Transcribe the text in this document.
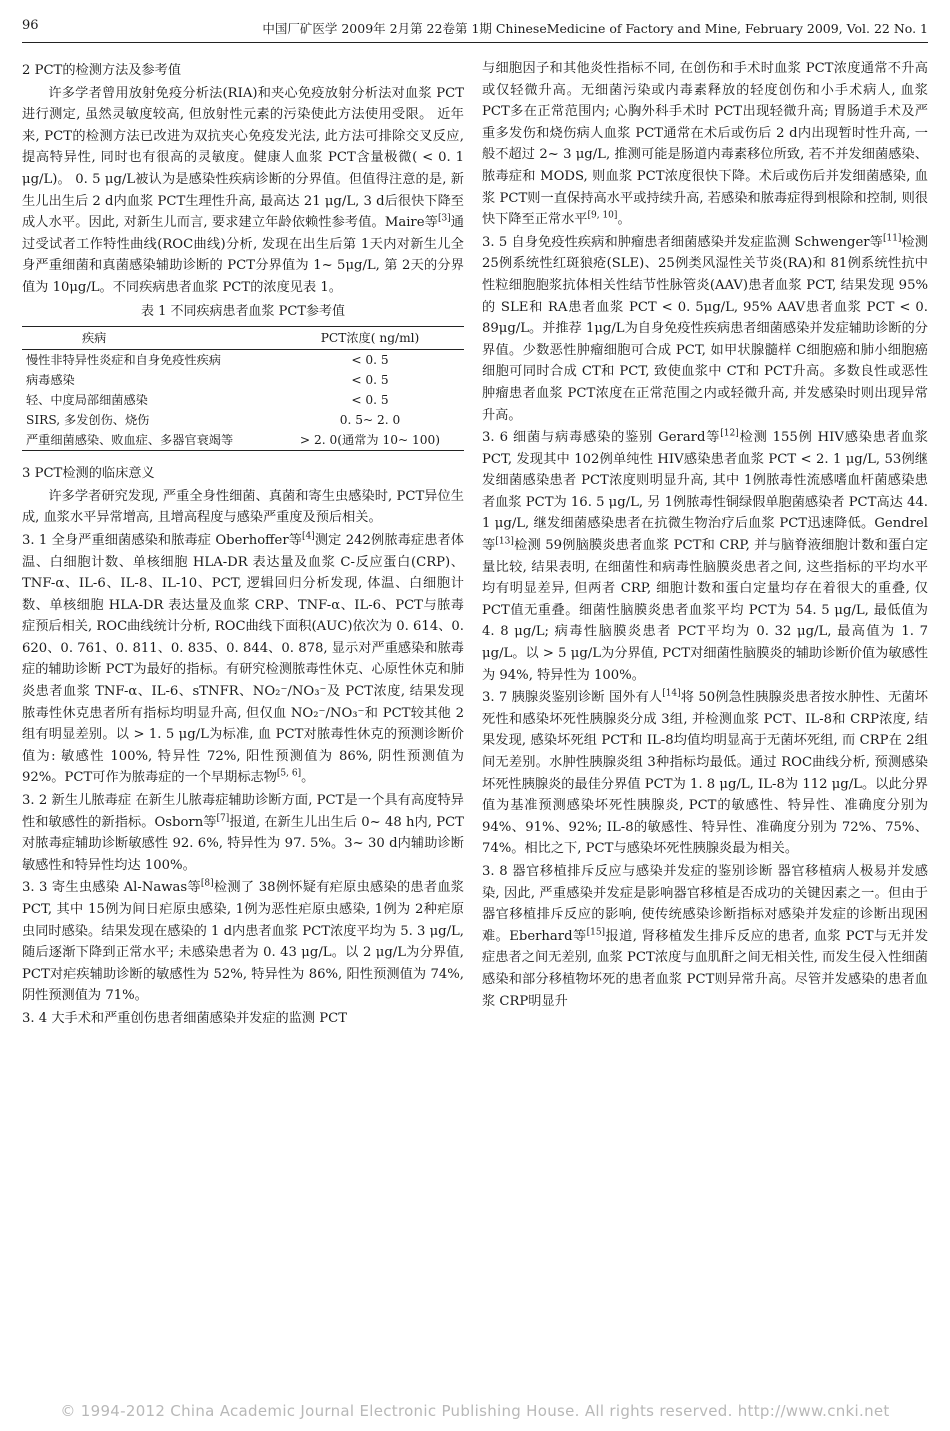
96	中国厂矿医学 2009年 2月第 22卷第 1期 ChineseMedicine of Factory and Mine, February 2009, Vol. 22 No. 1

2 PCT的检测方法及参考值

许多学者曾用放射免疫分析法(RIA)和夹心免疫放射分析法对血浆 PCT进行测定, 虽然灵敏度较高, 但放射性元素的污染使此方法使用受限。 近年来, PCT的检测方法已改进为双抗夹心免疫发光法, 此方法可排除交叉反应, 提高特异性, 同时也有很高的灵敏度。健康人血浆 PCT含量极微( < 0. 1 μg/L)。 0. 5 μg/L被认为是感染性疾病诊断的分界值。但值得注意的是, 新生儿出生后 2 d内血浆 PCT生理性升高, 最高达 21 μg/L, 3 d后很快下降至成人水平。因此, 对新生儿而言, 要求建立年龄依赖性参考值。Maire等[3]通过受试者工作特性曲线(ROC曲线)分析, 发现在出生后第 1天内对新生儿全身严重细菌和真菌感染辅助诊断的 PCT分界值为 1~ 5μg/L, 第 2天的分界值为 10μg/L。不同疾病患者血浆 PCT的浓度见表 1。

表 1 不同疾病患者血浆 PCT参考值
疾病	PCT浓度( ng/ml)
慢性非特异性炎症和自身免疫性疾病	< 0. 5
病毒感染	< 0. 5
轻、中度局部细菌感染	< 0. 5
SIRS, 多发创伤、烧伤	0. 5~ 2. 0
严重细菌感染、败血症、多器官衰竭等	> 2. 0(通常为 10~ 100)

3 PCT检测的临床意义

许多学者研究发现, 严重全身性细菌、真菌和寄生虫感染时, PCT异位生成, 血浆水平异常增高, 且增高程度与感染严重度及预后相关。

3. 1 全身严重细菌感染和脓毒症 Oberhoffer等[4]测定 242例脓毒症患者体温、白细胞计数、单核细胞 HLA-DR 表达量及血浆 C-反应蛋白(CRP)、TNF-α、IL-6、IL-8、IL-10、PCT, 逻辑回归分析发现, 体温、白细胞计数、单核细胞 HLA-DR 表达量及血浆 CRP、TNF-α、IL-6、PCT与脓毒症预后相关, ROC曲线统计分析, ROC曲线下面积(AUC)依次为 0. 614、0. 620、0. 761、0. 811、0. 835、0. 844、0. 878, 显示对严重感染和脓毒症的辅助诊断 PCT为最好的指标。有研究检测脓毒性休克、心原性休克和肺炎患者血浆 TNF-α、IL-6、sTNFR、NO₂⁻/NO₃⁻及 PCT浓度, 结果发现脓毒性休克患者所有指标均明显升高, 但仅血 NO₂⁻/NO₃⁻和 PCT较其他 2组有明显差别。以 > 1. 5 μg/L为标准, 血 PCT对脓毒性休克的预测诊断价值为: 敏感性 100%, 特异性 72%, 阳性预测值为 86%, 阴性预测值为 92%。PCT可作为脓毒症的一个早期标志物[5, 6]。

3. 2 新生儿脓毒症 在新生儿脓毒症辅助诊断方面, PCT是一个具有高度特异性和敏感性的新指标。Osborn等[7]报道, 在新生儿出生后 0~ 48 h内, PCT对脓毒症辅助诊断敏感性 92. 6%, 特异性为 97. 5%。3~ 30 d内辅助诊断敏感性和特异性均达 100%。

3. 3 寄生虫感染 Al-Nawas等[8]检测了 38例怀疑有疟原虫感染的患者血浆 PCT, 其中 15例为间日疟原虫感染, 1例为恶性疟原虫感染, 1例为 2种疟原虫同时感染。结果发现在感染的 1 d内患者血浆 PCT浓度平均为 5. 3 μg/L, 随后逐渐下降到正常水平; 未感染患者为 0. 43 μg/L。以 2 μg/L为分界值, PCT对疟疾辅助诊断的敏感性为 52%, 特异性为 86%, 阳性预测值为 74%, 阴性预测值为 71%。

3. 4 大手术和严重创伤患者细菌感染并发症的监测 PCT

与细胞因子和其他炎性指标不同, 在创伤和手术时血浆 PCT浓度通常不升高或仅轻微升高。无细菌污染或内毒素释放的轻度创伤和小手术病人, 血浆 PCT多在正常范围内; 心胸外科手术时 PCT出现轻微升高; 胃肠道手术及严重多发伤和烧伤病人血浆 PCT通常在术后或伤后 2 d内出现暂时性升高, 一般不超过 2~ 3 μg/L, 推测可能是肠道内毒素移位所致, 若不并发细菌感染、脓毒症和 MODS, 则血浆 PCT浓度很快下降。术后或伤后并发细菌感染, 血浆 PCT则一直保持高水平或持续升高, 若感染和脓毒症得到根除和控制, 则很快下降至正常水平[9, 10]。

3. 5 自身免疫性疾病和肿瘤患者细菌感染并发症监测 Schwenger等[11]检测 25例系统性红斑狼疮(SLE)、25例类风湿性关节炎(RA)和 81例系统性抗中性粒细胞胞浆抗体相关性结节性脉管炎(AAV)患者血浆 PCT, 结果发现 95%的 SLE和 RA患者血浆 PCT < 0. 5μg/L, 95% AAV患者血浆 PCT < 0. 89μg/L。并推荐 1μg/L为自身免疫性疾病患者细菌感染并发症辅助诊断的分界值。少数恶性肿瘤细胞可合成 PCT, 如甲状腺髓样 C细胞癌和肺小细胞癌细胞可同时合成 CT和 PCT, 致使血浆中 CT和 PCT升高。多数良性或恶性肿瘤患者血浆 PCT浓度在正常范围之内或轻微升高, 并发感染时则出现异常升高。

3. 6 细菌与病毒感染的鉴别 Gerard等[12]检测 155例 HIV感染患者血浆 PCT, 发现其中 102例单纯性 HIV感染患者血浆 PCT < 2. 1 μg/L, 53例继发细菌感染患者 PCT浓度则明显升高, 其中 1例脓毒性流感嗜血杆菌感染患者血浆 PCT为 16. 5 μg/L, 另 1例脓毒性铜绿假单胞菌感染者 PCT高达 44. 1 μg/L, 继发细菌感染患者在抗微生物治疗后血浆 PCT迅速降低。Gendrel等[13]检测 59例脑膜炎患者血浆 PCT和 CRP, 并与脑脊液细胞计数和蛋白定量比较, 结果表明, 在细菌性和病毒性脑膜炎患者之间, 这些指标的平均水平均有明显差异, 但两者 CRP, 细胞计数和蛋白定量均存在着很大的重叠, 仅 PCT值无重叠。细菌性脑膜炎患者血浆平均 PCT为 54. 5 μg/L, 最低值为 4. 8 μg/L; 病毒性脑膜炎患者 PCT平均为 0. 32 μg/L, 最高值为 1. 7 μg/L。以 > 5 μg/L为分界值, PCT对细菌性脑膜炎的辅助诊断价值为敏感性为 94%, 特异性为 100%。

3. 7 胰腺炎鉴别诊断 国外有人[14]将 50例急性胰腺炎患者按水肿性、无菌坏死性和感染坏死性胰腺炎分成 3组, 并检测血浆 PCT、IL-8和 CRP浓度, 结果发现, 感染坏死组 PCT和 IL-8均值均明显高于无菌坏死组, 而 CRP在 2组间无差别。水肿性胰腺炎组 3种指标均最低。通过 ROC曲线分析, 预测感染坏死性胰腺炎的最佳分界值 PCT为 1. 8 μg/L, IL-8为 112 μg/L。以此分界值为基准预测感染坏死性胰腺炎, PCT的敏感性、特异性、准确度分别为 94%、91%、92%; IL-8的敏感性、特异性、准确度分别为 72%、75%、74%。相比之下, PCT与感染坏死性胰腺炎最为相关。

3. 8 器官移植排斥反应与感染并发症的鉴别诊断 器官移植病人极易并发感染, 因此, 严重感染并发症是影响器官移植是否成功的关键因素之一。但由于器官移植排斥反应的影响, 使传统感染诊断指标对感染并发症的诊断出现困难。Eberhard等[15]报道, 肾移植发生排斥反应的患者, 血浆 PCT与无并发症患者之间无差别, 血浆 PCT浓度与血肌酐之间无相关性, 而发生侵入性细菌感染和部分移植物坏死的患者血浆 PCT则异常升高。尽管并发感染的患者血浆 CRP明显升

© 1994-2012 China Academic Journal Electronic Publishing House. All rights reserved. http://www.cnki.net
